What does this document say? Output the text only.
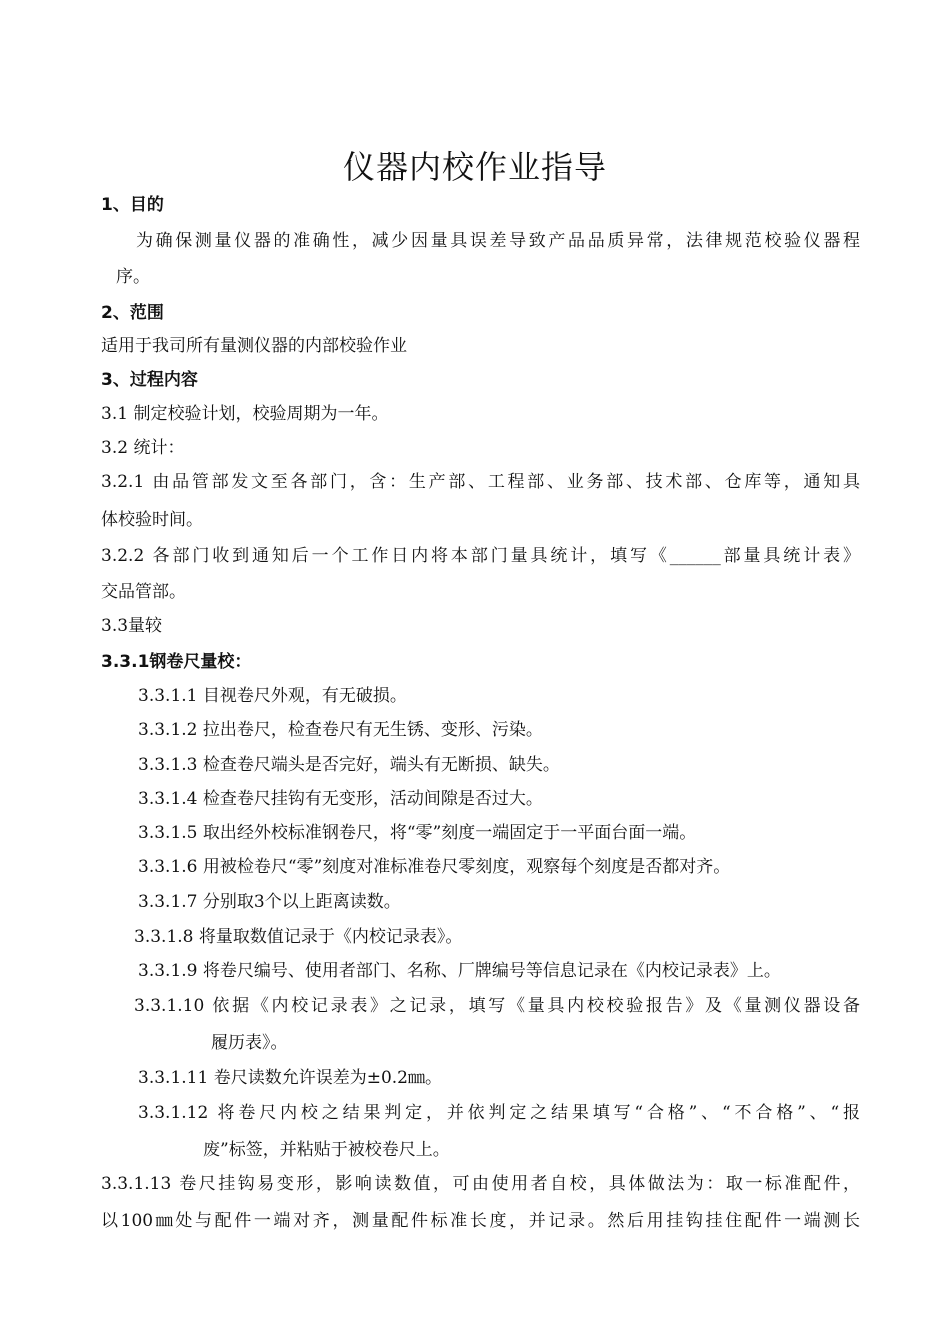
仪器内校作业指导
1、目的
为确保测量仪器的准确性，减少因量具误差导致产品品质异常，法律规范校验仪器程
序。
2、范围
适用于我司所有量测仪器的内部校验作业
3、过程内容
3.1 制定校验计划，校验周期为一年。
3.2 统计：
3.2.1 由品管部发文至各部门，含：生产部、工程部、业务部、技术部、仓库等，通知具
体校验时间。
3.2.2 各部门收到通知后一个工作日内将本部门量具统计，填写《______部量具统计表》
交品管部。
3.3量较
3.3.1钢卷尺量校：
3.3.1.1 目视卷尺外观，有无破损。
3.3.1.2 拉出卷尺，检查卷尺有无生锈、变形、污染。
3.3.1.3 检查卷尺端头是否完好，端头有无断损、缺失。
3.3.1.4 检查卷尺挂钩有无变形，活动间隙是否过大。
3.3.1.5 取出经外校标准钢卷尺，将“零”刻度一端固定于一平面台面一端。
3.3.1.6 用被检卷尺“零”刻度对准标准卷尺零刻度，观察每个刻度是否都对齐。
3.3.1.7 分别取3个以上距离读数。
3.3.1.8 将量取数值记录于《内校记录表》。
3.3.1.9 将卷尺编号、使用者部门、名称、厂牌编号等信息记录在《内校记录表》上。
3.3.1.10 依据《内校记录表》之记录，填写《量具内校校验报告》及《量测仪器设备
履历表》。
3.3.1.11 卷尺读数允许误差为±0.2㎜。
3.3.1.12 将卷尺内校之结果判定，并依判定之结果填写“合格”、“不合格”、“报
废”标签，并粘贴于被校卷尺上。
3.3.1.13 卷尺挂钩易变形，影响读数值，可由使用者自校，具体做法为：取一标准配件，
以100㎜处与配件一端对齐，测量配件标准长度，并记录。然后用挂钩挂住配件一端测长
